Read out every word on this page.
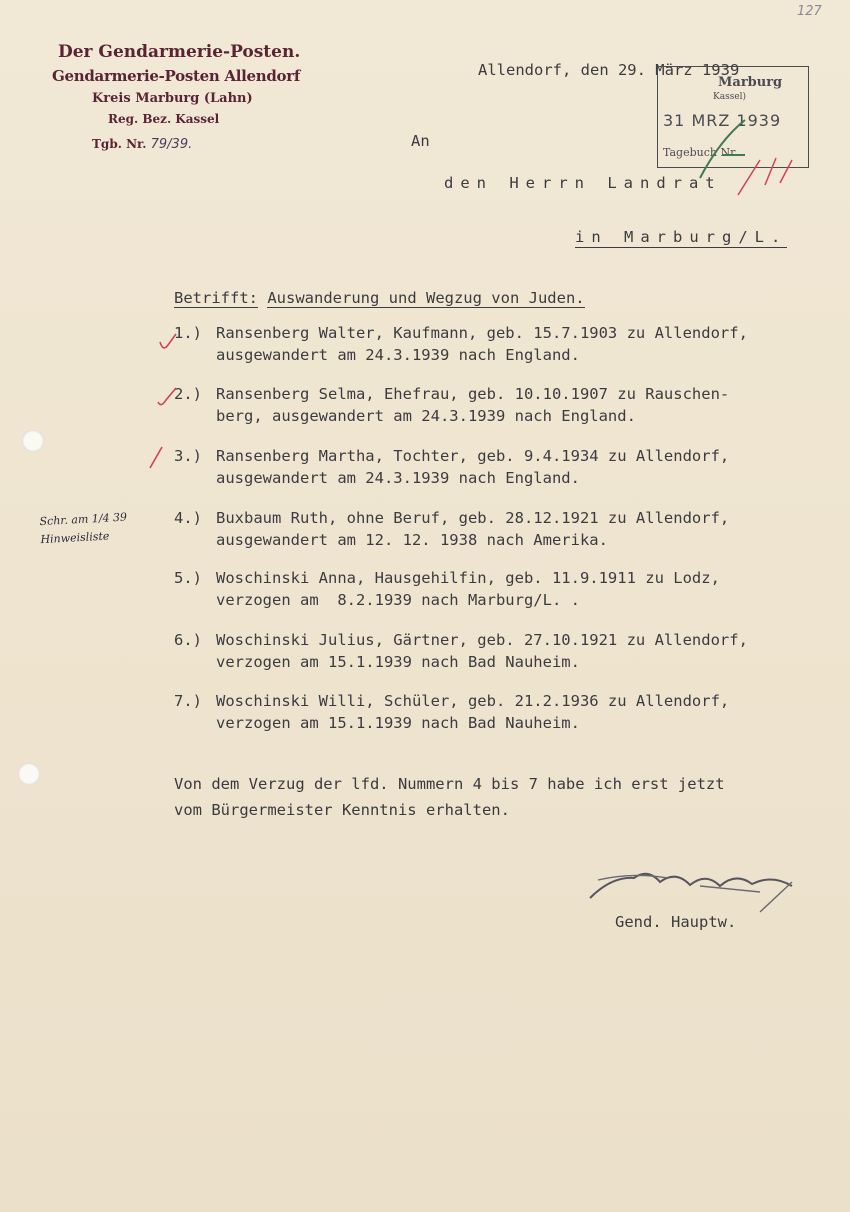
127
Der Gendarmerie-Posten.
Gendarmerie-Posten Allendorf
Kreis Marburg (Lahn)
Reg. Bez. Kassel
Tgb. Nr. 79/39.
Allendorf, den 29. März 1939
Marburg
Kassel)
31 MRZ 1939
Tagebuch Nr.
An
den Herrn Landrat
in Marburg/L.
Betrifft: Auswanderung und Wegzug von Juden.
1.) Ransenberg Walter, Kaufmann, geb. 15.7.1903 zu Allendorf,
ausgewandert am 24.3.1939 nach England.
2.) Ransenberg Selma, Ehefrau, geb. 10.10.1907 zu Rauschen-
berg, ausgewandert am 24.3.1939 nach England.
3.) Ransenberg Martha, Tochter, geb. 9.4.1934 zu Allendorf,
ausgewandert am 24.3.1939 nach England.
4.) Buxbaum Ruth, ohne Beruf, geb. 28.12.1921 zu Allendorf,
ausgewandert am 12. 12. 1938 nach Amerika.
5.) Woschinski Anna, Hausgehilfin, geb. 11.9.1911 zu Lodz,
verzogen am  8.2.1939 nach Marburg/L. .
6.) Woschinski Julius, Gärtner, geb. 27.10.1921 zu Allendorf,
verzogen am 15.1.1939 nach Bad Nauheim.
7.) Woschinski Willi, Schüler, geb. 21.2.1936 zu Allendorf,
verzogen am 15.1.1939 nach Bad Nauheim.
Von dem Verzug der lfd. Nummern 4 bis 7 habe ich erst jetzt
vom Bürgermeister Kenntnis erhalten.
Schr. am 1/4 39
Hinweisliste
Gend. Hauptw.
